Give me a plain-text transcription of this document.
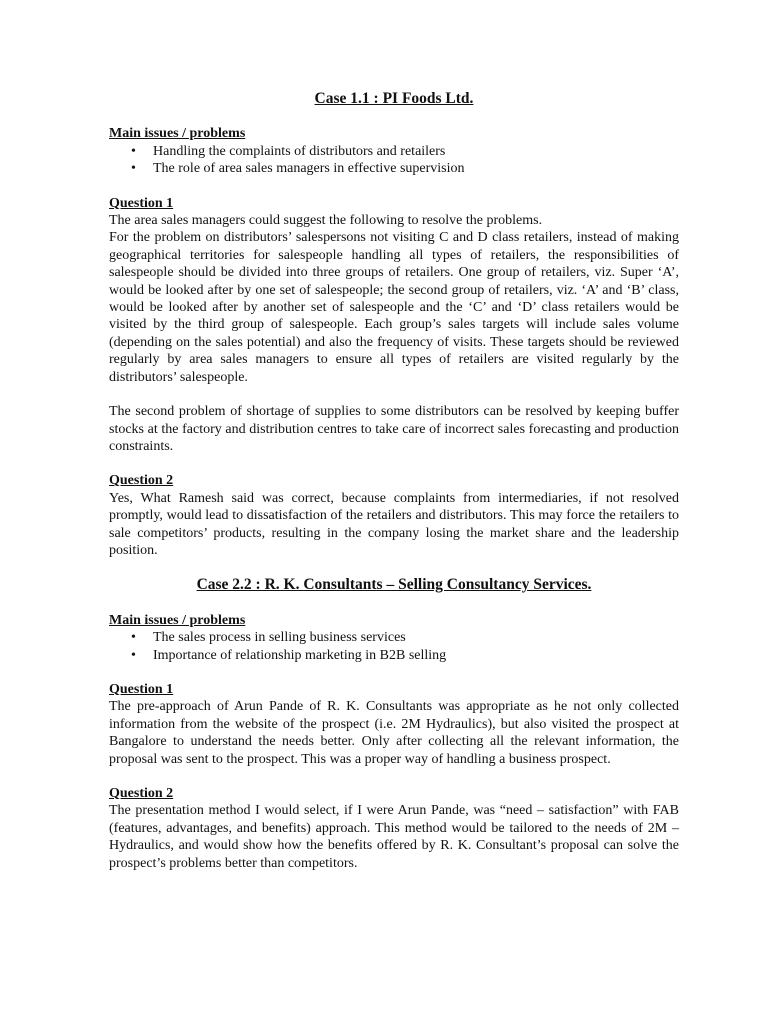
Case 1.1 : PI Foods Ltd.

Main issues / problems

• Handling the complaints of distributors and retailers
• The role of area sales managers in effective supervision

Question 1

The area sales managers could suggest the following to resolve the problems.

For the problem on distributors’ salespersons not visiting C and D class retailers, instead of making geographical territories for salespeople handling all types of retailers, the responsibilities of salespeople should be divided into three groups of retailers. One group of retailers, viz. Super ‘A’, would be looked after by one set of salespeople; the second group of retailers, viz. ‘A’ and ‘B’ class, would be looked after by another set of salespeople and the ‘C’ and ‘D’ class retailers would be visited by the third group of salespeople. Each group’s sales targets will include sales volume (depending on the sales potential) and also the frequency of visits. These targets should be reviewed regularly by area sales managers to ensure all types of retailers are visited regularly by the distributors’ salespeople.

The second problem of shortage of supplies to some distributors can be resolved by keeping buffer stocks at the factory and distribution centres to take care of incorrect sales forecasting and production constraints.

Question 2

Yes, What Ramesh said was correct, because complaints from intermediaries, if not resolved promptly, would lead to dissatisfaction of the retailers and distributors. This may force the retailers to sale competitors’ products, resulting in the company losing the market share and the leadership position.

Case 2.2 : R. K. Consultants – Selling Consultancy Services.

Main issues / problems

• The sales process in selling business services
• Importance of relationship marketing in B2B selling

Question 1

The pre-approach of Arun Pande of R. K. Consultants was appropriate as he not only collected information from the website of the prospect (i.e. 2M Hydraulics), but also visited the prospect at Bangalore to understand the needs better. Only after collecting all the relevant information, the proposal was sent to the prospect. This was a proper way of handling a business prospect.

Question 2

The presentation method I would select, if I were Arun Pande, was “need – satisfaction” with FAB (features, advantages, and benefits) approach. This method would be tailored to the needs of 2M – Hydraulics, and would show how the benefits offered by R. K. Consultant’s proposal can solve the prospect’s problems better than competitors.
